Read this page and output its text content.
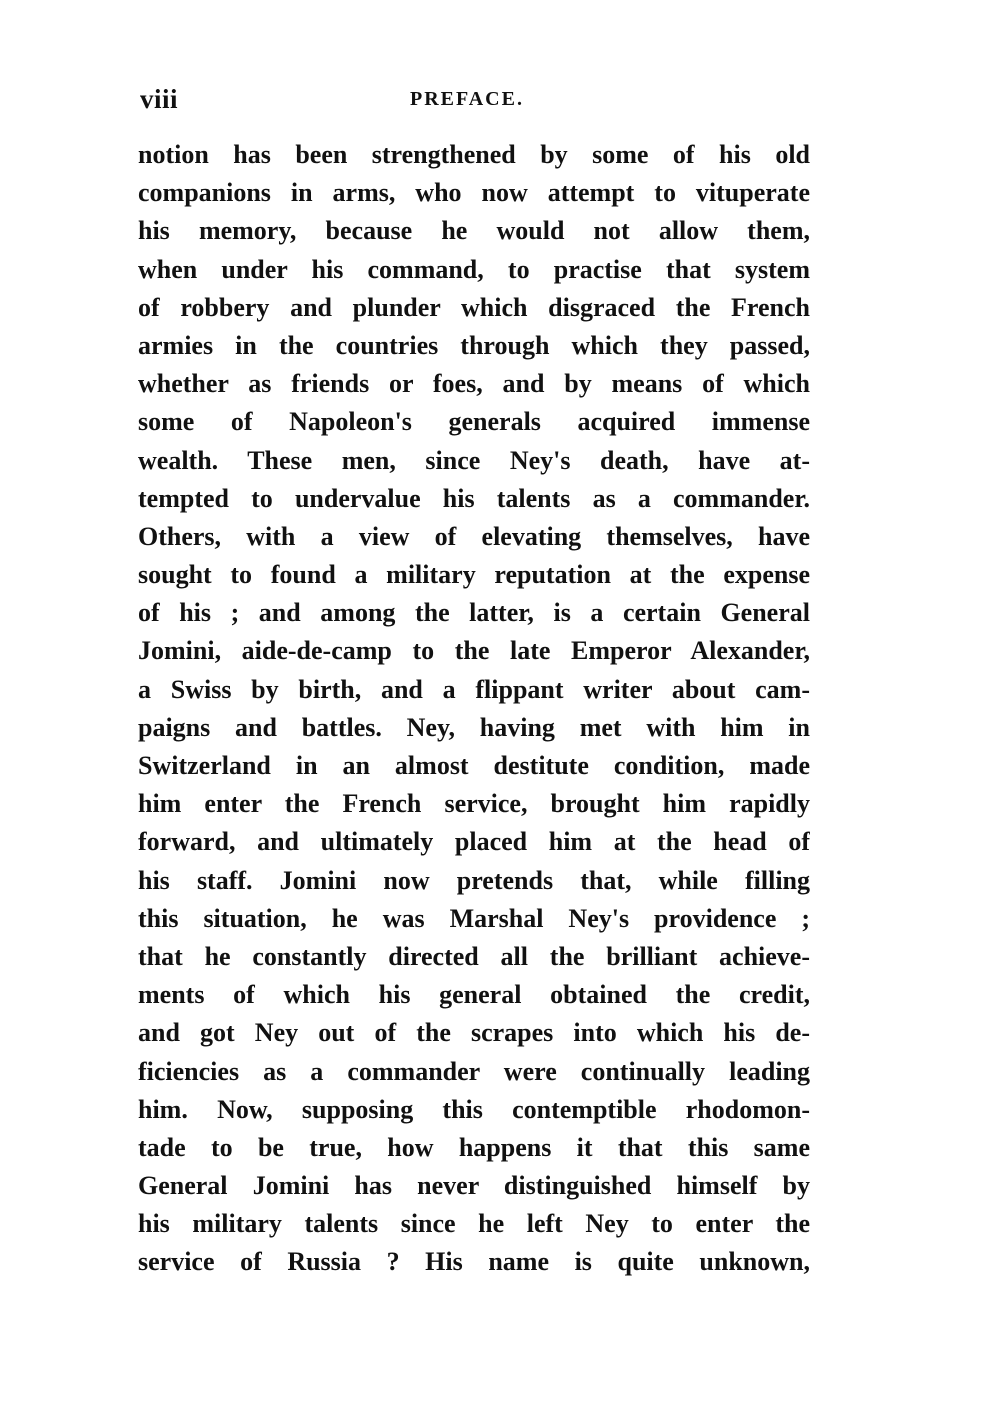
viii	PREFACE.
notion has been strengthened by some of his old
companions in arms, who now attempt to vituperate
his memory, because he would not allow them,
when under his command, to practise that system
of robbery and plunder which disgraced the French
armies in the countries through which they passed,
whether as friends or foes, and by means of which
some of Napoleon's generals acquired immense
wealth. These men, since Ney's death, have at-
tempted to undervalue his talents as a commander.
Others, with a view of elevating themselves, have
sought to found a military reputation at the expense
of his ; and among the latter, is a certain General
Jomini, aide-de-camp to the late Emperor Alexander,
a Swiss by birth, and a flippant writer about cam-
paigns and battles. Ney, having met with him in
Switzerland in an almost destitute condition, made
him enter the French service, brought him rapidly
forward, and ultimately placed him at the head of
his staff. Jomini now pretends that, while filling
this situation, he was Marshal Ney's providence ;
that he constantly directed all the brilliant achieve-
ments of which his general obtained the credit,
and got Ney out of the scrapes into which his de-
ficiencies as a commander were continually leading
him. Now, supposing this contemptible rhodomon-
tade to be true, how happens it that this same
General Jomini has never distinguished himself by
his military talents since he left Ney to enter the
service of Russia ? His name is quite unknown,
